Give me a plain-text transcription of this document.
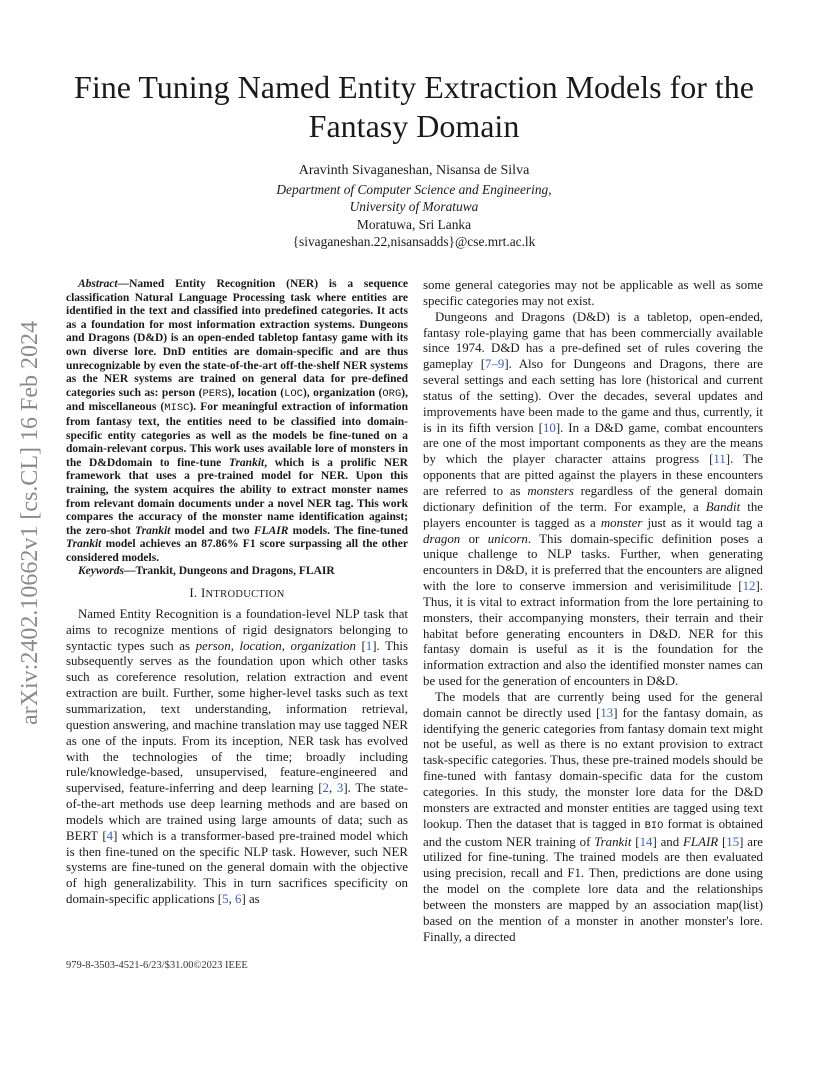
arXiv:2402.10662v1 [cs.CL] 16 Feb 2024
Fine Tuning Named Entity Extraction Models for the Fantasy Domain
Aravinth Sivaganeshan, Nisansa de Silva
Department of Computer Science and Engineering,
University of Moratuwa
Moratuwa, Sri Lanka
{sivaganeshan.22,nisansadds}@cse.mrt.ac.lk

Abstract—Named Entity Recognition (NER) is a sequence classification Natural Language Processing task where entities are identified in the text and classified into predefined categories. It acts as a foundation for most information extraction systems. Dungeons and Dragons (D&D) is an open-ended tabletop fantasy game with its own diverse lore. DnD entities are domain-specific and are thus unrecognizable by even the state-of-the-art off-the-shelf NER systems as the NER systems are trained on general data for pre-defined categories such as: person (PERS), location (LOC), organization (ORG), and miscellaneous (MISC). For meaningful extraction of information from fantasy text, the entities need to be classified into domain-specific entity categories as well as the models be fine-tuned on a domain-relevant corpus. This work uses available lore of monsters in the D&Ddomain to fine-tune Trankit, which is a prolific NER framework that uses a pre-trained model for NER. Upon this training, the system acquires the ability to extract monster names from relevant domain documents under a novel NER tag. This work compares the accuracy of the monster name identification against; the zero-shot Trankit model and two FLAIR models. The fine-tuned Trankit model achieves an 87.86% F1 score surpassing all the other considered models.

Keywords—Trankit, Dungeons and Dragons, FLAIR

I. INTRODUCTION

Named Entity Recognition is a foundation-level NLP task that aims to recognize mentions of rigid designators belonging to syntactic types such as person, location, organization [1]. This subsequently serves as the foundation upon which other tasks such as coreference resolution, relation extraction and event extraction are built. Further, some higher-level tasks such as text summarization, text understanding, information retrieval, question answering, and machine translation may use tagged NER as one of the inputs. From its inception, NER task has evolved with the technologies of the time; broadly including rule/knowledge-based, unsupervised, feature-engineered and supervised, feature-inferring and deep learning [2, 3]. The state-of-the-art methods use deep learning methods and are based on models which are trained using large amounts of data; such as BERT [4] which is a transformer-based pre-trained model which is then fine-tuned on the specific NLP task. However, such NER systems are fine-tuned on the general domain with the objective of high generalizability. This in turn sacrifices specificity on domain-specific applications [5, 6] as

979-8-3503-4521-6/23/$31.00©2023 IEEE

some general categories may not be applicable as well as some specific categories may not exist.

Dungeons and Dragons (D&D) is a tabletop, open-ended, fantasy role-playing game that has been commercially available since 1974. D&D has a pre-defined set of rules covering the gameplay [7–9]. Also for Dungeons and Dragons, there are several settings and each setting has lore (historical and current status of the setting). Over the decades, several updates and improvements have been made to the game and thus, currently, it is in its fifth version [10]. In a D&D game, combat encounters are one of the most important components as they are the means by which the player character attains progress [11]. The opponents that are pitted against the players in these encounters are referred to as monsters regardless of the general domain dictionary definition of the term. For example, a Bandit the players encounter is tagged as a monster just as it would tag a dragon or unicorn. This domain-specific definition poses a unique challenge to NLP tasks. Further, when generating encounters in D&D, it is preferred that the encounters are aligned with the lore to conserve immersion and verisimilitude [12]. Thus, it is vital to extract information from the lore pertaining to monsters, their accompanying monsters, their terrain and their habitat before generating encounters in D&D. NER for this fantasy domain is useful as it is the foundation for the information extraction and also the identified monster names can be used for the generation of encounters in D&D.

The models that are currently being used for the general domain cannot be directly used [13] for the fantasy domain, as identifying the generic categories from fantasy domain text might not be useful, as well as there is no extant provision to extract task-specific categories. Thus, these pre-trained models should be fine-tuned with fantasy domain-specific data for the custom categories. In this study, the monster lore data for the D&D monsters are extracted and monster entities are tagged using text lookup. Then the dataset that is tagged in BIO format is obtained and the custom NER training of Trankit [14] and FLAIR [15] are utilized for fine-tuning. The trained models are then evaluated using precision, recall and F1. Then, predictions are done using the model on the complete lore data and the relationships between the monsters are mapped by an association map(list) based on the mention of a monster in another monster's lore. Finally, a directed
